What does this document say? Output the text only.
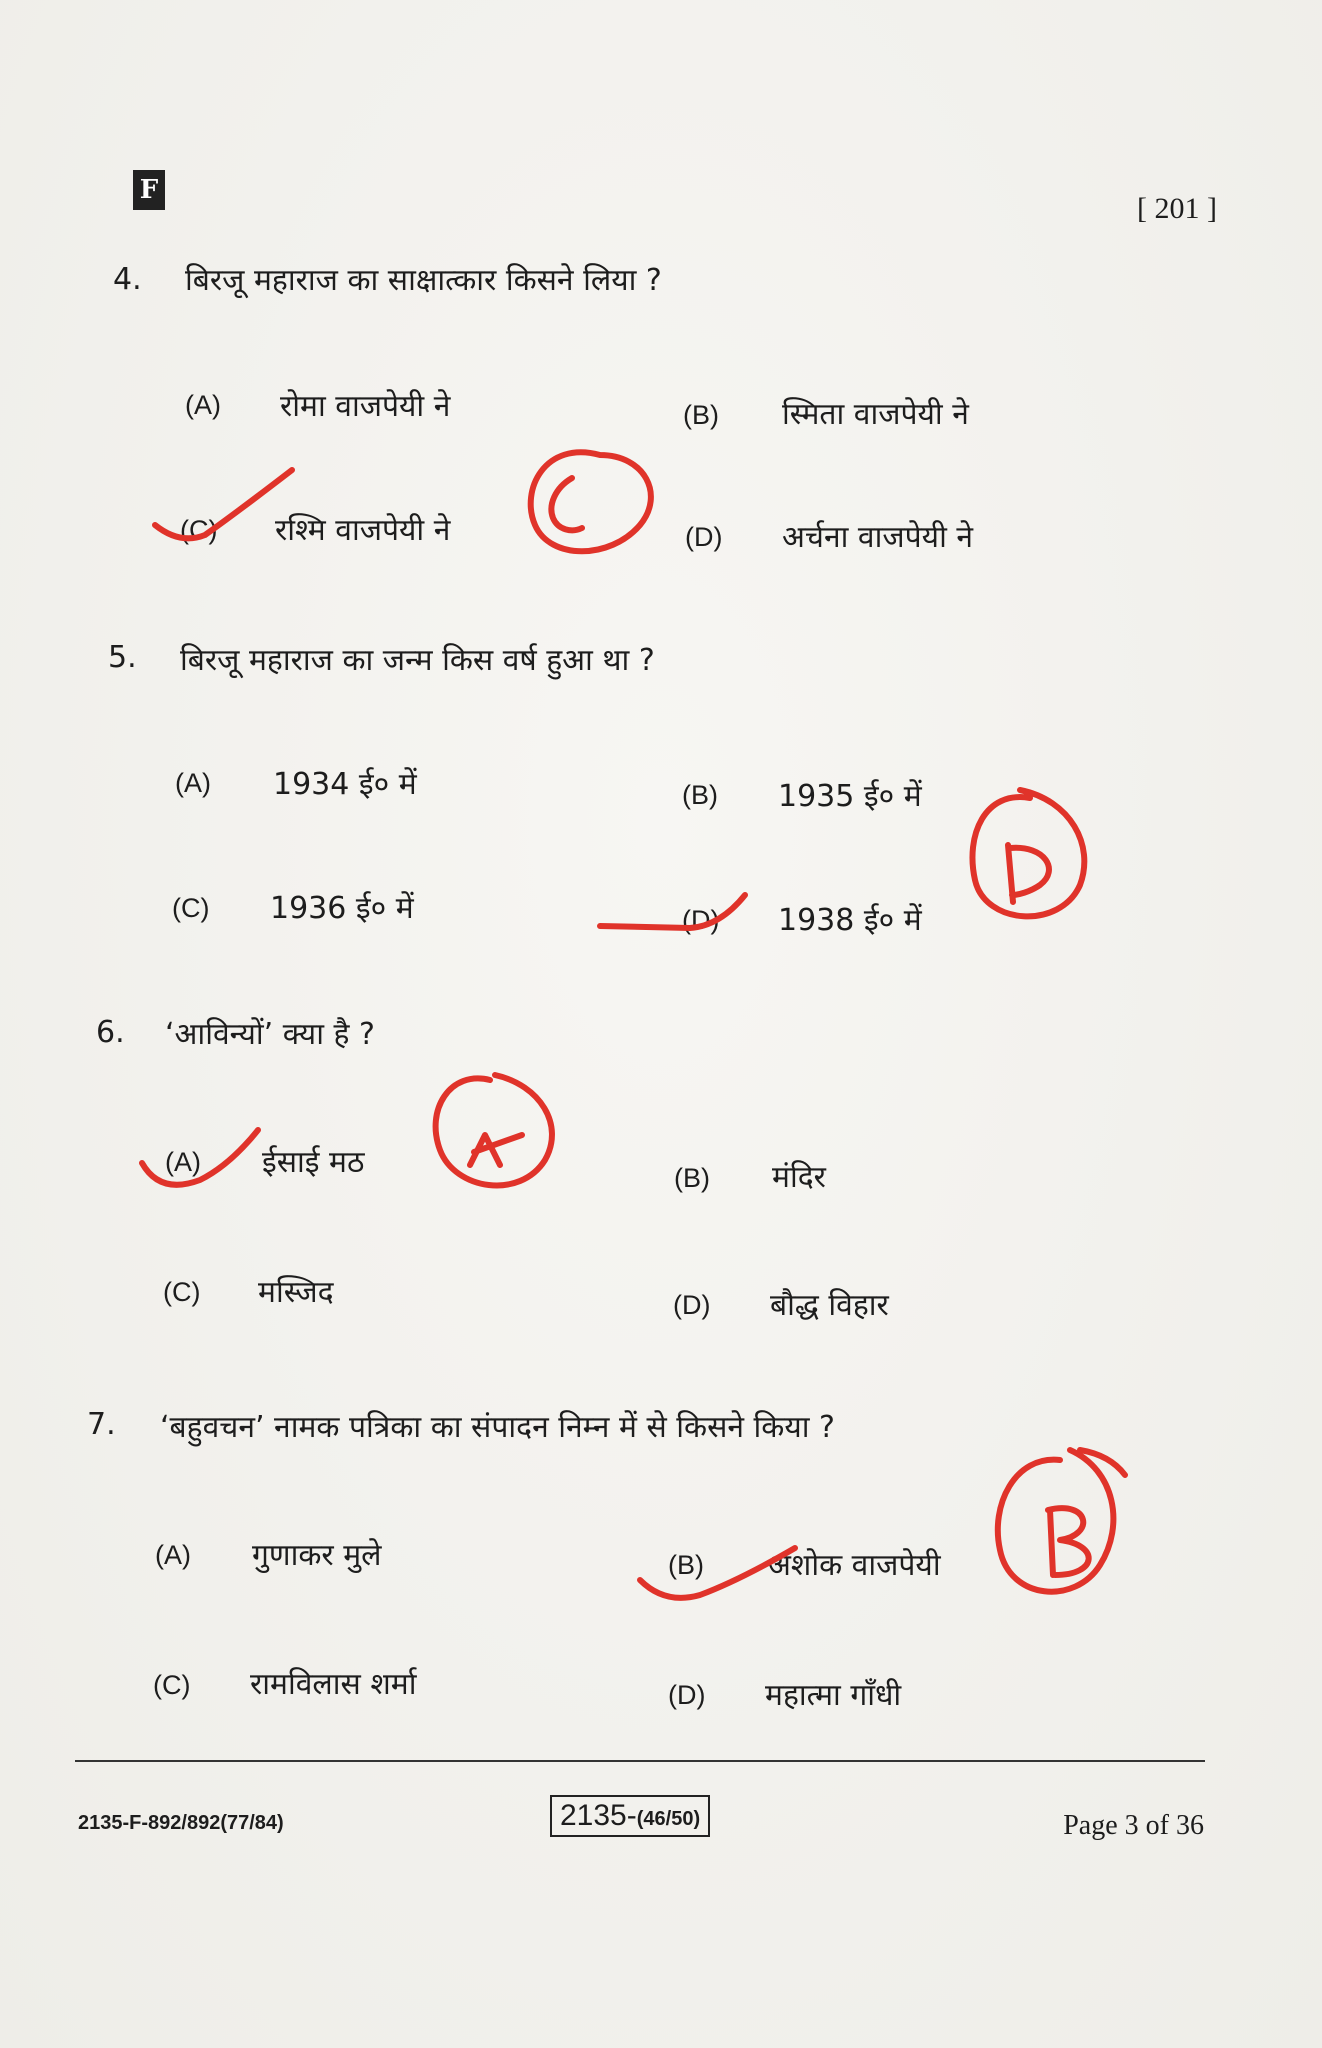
F
[ 201 ]
4. बिरजू महाराज का साक्षात्कार किसने लिया ?
(A) रोमा वाजपेयी ने	(B) स्मिता वाजपेयी ने
(C) रश्मि वाजपेयी ने	(D) अर्चना वाजपेयी ने
5. बिरजू महाराज का जन्म किस वर्ष हुआ था ?
(A) 1934 ई० में	(B) 1935 ई० में
(C) 1936 ई० में	(D) 1938 ई० में
6. ‘आविन्यों’ क्या है ?
(A) ईसाई मठ	(B) मंदिर
(C) मस्जिद	(D) बौद्ध विहार
7. ‘बहुवचन’ नामक पत्रिका का संपादन निम्न में से किसने किया ?
(A) गुणाकर मुले	(B) अशोक वाजपेयी
(C) रामविलास शर्मा	(D) महात्मा गाँधी
2135-F-892/892(77/84)	2135-(46/50)	Page 3 of 36
